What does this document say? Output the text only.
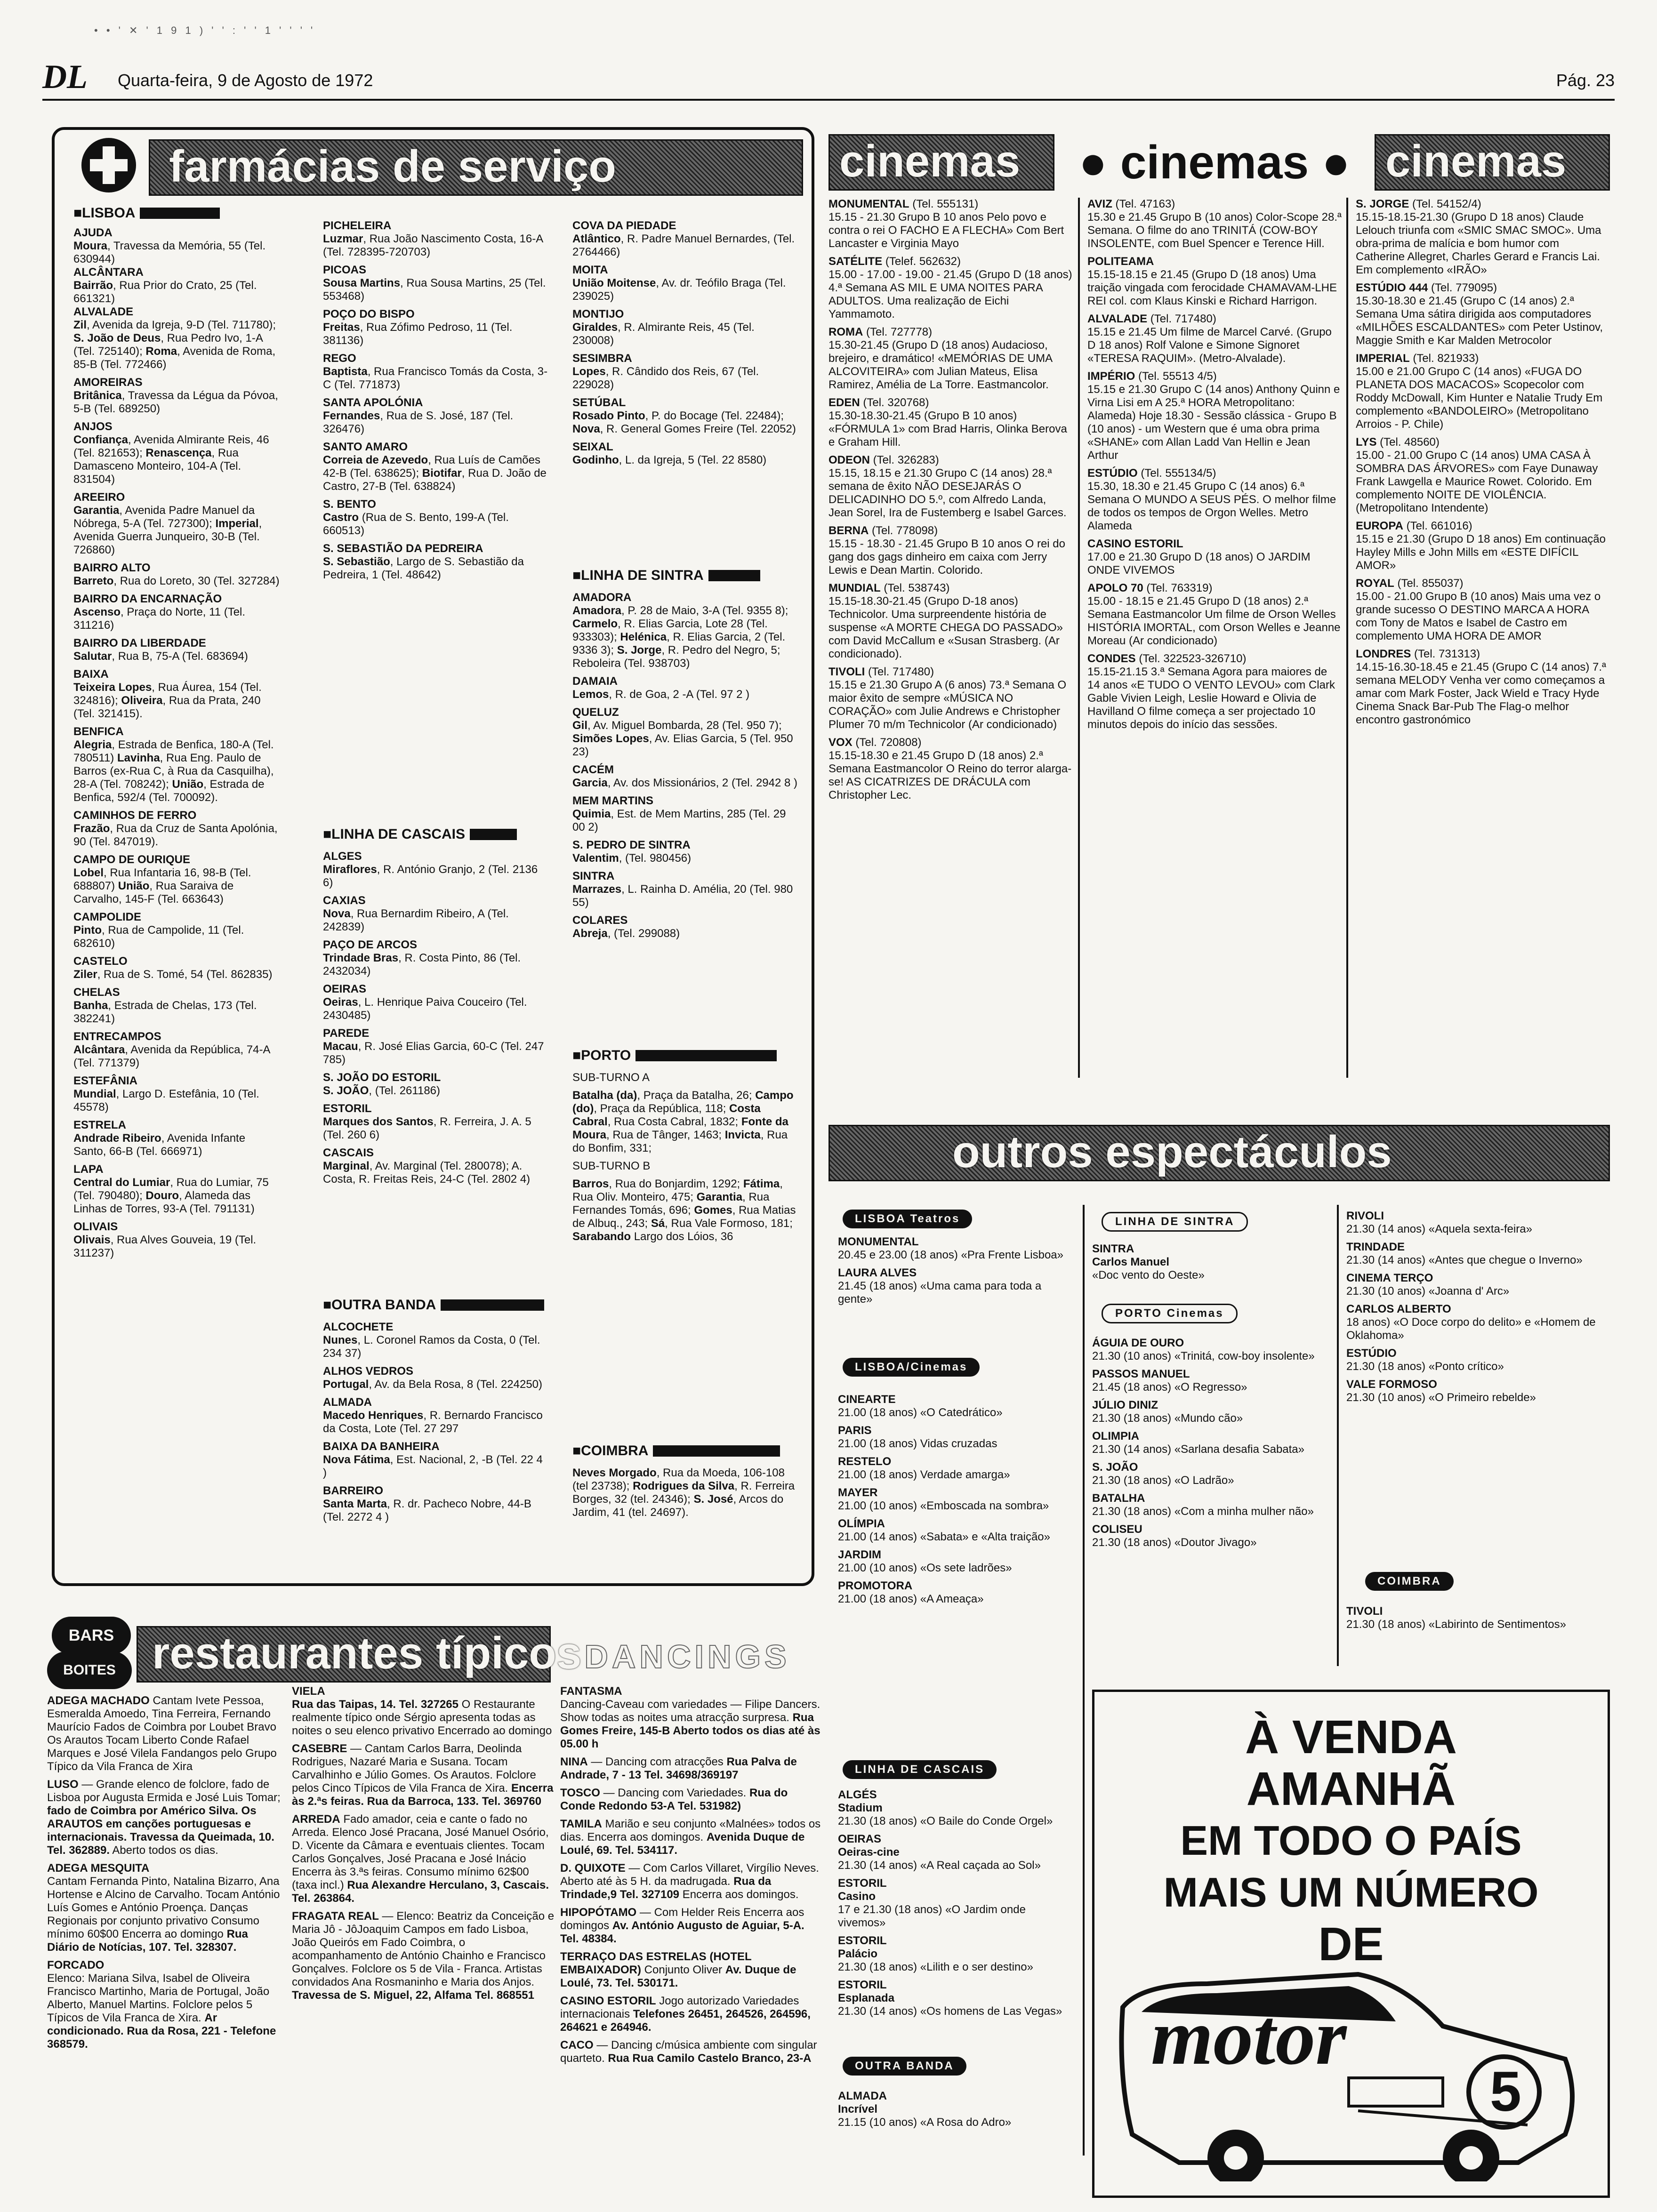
• • ' ✕ ' 1 9 1 ) ' ' : ' ' 1 ' ' ' '
DL Quarta-feira, 9 de Agosto de 1972	Pág. 23
farmácias de serviço
■ LISBOA

AJUDA
Moura, Travessa da Memória, 55 (Tel. 630944)
ALCÂNTARA
Bairrão, Rua Prior do Crato, 25 (Tel. 661321)
ALVALADE
Zil, Avenida da Igreja, 9-D (Tel. 711780); S. João de Deus, Rua Pedro Ivo, 1-A (Tel. 725140); Roma, Avenida de Roma, 85-B (Tel. 772466)

AMOREIRAS
Britânica, Travessa da Légua da Póvoa, 5-B (Tel. 689250)

ANJOS
Confiança, Avenida Almirante Reis, 46 (Tel. 821653); Renascença, Rua Damasceno Monteiro, 104-A (Tel. 831504)

AREEIRO
Garantia, Avenida Padre Manuel da Nóbrega, 5-A (Tel. 727300); Imperial, Avenida Guerra Junqueiro, 30-B (Tel. 726860)

BAIRRO ALTO
Barreto, Rua do Loreto, 30 (Tel. 327284)

BAIRRO DA ENCARNAÇÃO
Ascenso, Praça do Norte, 11 (Tel. 311216)

BAIRRO DA LIBERDADE
Salutar, Rua B, 75-A (Tel. 683694)

BAIXA
Teixeira Lopes, Rua Áurea, 154 (Tel. 324816); Oliveira, Rua da Prata, 240 (Tel. 321415).

BENFICA
Alegria, Estrada de Benfica, 180-A (Tel. 780511) Lavinha, Rua Eng. Paulo de Barros (ex-Rua C, à Rua da Casquilha), 28-A (Tel. 708242); União, Estrada de Benfica, 592/4 (Tel. 700092).

CAMINHOS DE FERRO
Frazão, Rua da Cruz de Santa Apolónia, 90 (Tel. 847019).

CAMPO DE OURIQUE
Lobel, Rua Infantaria 16, 98-B (Tel. 688807) União, Rua Saraiva de Carvalho, 145-F (Tel. 663643)

CAMPOLIDE
Pinto, Rua de Campolide, 11 (Tel. 682610)

CASTELO
Ziler, Rua de S. Tomé, 54 (Tel. 862835)

CHELAS
Banha, Estrada de Chelas, 173 (Tel. 382241)

ENTRECAMPOS
Alcântara, Avenida da República, 74-A (Tel. 771379)

ESTEFÂNIA
Mundial, Largo D. Estefânia, 10 (Tel. 45578)

ESTRELA
Andrade Ribeiro, Avenida Infante Santo, 66-B (Tel. 666971)

LAPA
Central do Lumiar, Rua do Lumiar, 75 (Tel. 790480); Douro, Alameda das Linhas de Torres, 93-A (Tel. 791131)

OLIVAIS
Olivais, Rua Alves Gouveia, 19 (Tel. 311237)

PICHELEIRA
Luzmar, Rua João Nascimento Costa, 16-A (Tel. 728395-720703)

PICOAS
Sousa Martins, Rua Sousa Martins, 25 (Tel. 553468)

POÇO DO BISPO
Freitas, Rua Zófimo Pedroso, 11 (Tel. 381136)

REGO
Baptista, Rua Francisco Tomás da Costa, 3-C (Tel. 771873)

SANTA APOLÓNIA
Fernandes, Rua de S. José, 187 (Tel. 326476)

SANTO AMARO
Correia de Azevedo, Rua Luís de Camões 42-B (Tel. 638625); Biotifar, Rua D. João de Castro, 27-B (Tel. 638824)

S. BENTO
Castro (Rua de S. Bento, 199-A (Tel. 660513)

S. SEBASTIÃO DA PEDREIRA
S. Sebastião, Largo de S. Sebastião da Pedreira, 1 (Tel. 48642)

■ LINHA DE CASCAIS

ALGES
Miraflores, R. António Granjo, 2 (Tel. 2136 6)

CAXIAS
Nova, Rua Bernardim Ribeiro, A (Tel. 242839)

PAÇO DE ARCOS
Trindade Bras, R. Costa Pinto, 86 (Tel. 2432034)

OEIRAS
Oeiras, L. Henrique Paiva Couceiro (Tel. 2430485)

PAREDE
Macau, R. José Elias Garcia, 60-C (Tel. 247 785)

S. JOÃO DO ESTORIL
S. JOÃO, (Tel. 261186)

ESTORIL
Marques dos Santos, R. Ferreira, J. A. 5 (Tel. 260 6)

CASCAIS
Marginal, Av. Marginal (Tel. 280078); A. Costa, R. Freitas Reis, 24-C (Tel. 2802 4)

■ OUTRA BANDA

ALCOCHETE
Nunes, L. Coronel Ramos da Costa, 0 (Tel. 234 37)

ALHOS VEDROS
Portugal, Av. da Bela Rosa, 8 (Tel. 224250)

ALMADA
Macedo Henriques, R. Bernardo Francisco da Costa, Lote (Tel. 27 297

BAIXA DA BANHEIRA
Nova Fátima, Est. Nacional, 2, -B (Tel. 22 4 )

BARREIRO
Santa Marta, R. dr. Pacheco Nobre, 44-B (Tel. 2272 4 )

COVA DA PIEDADE
Atlântico, R. Padre Manuel Bernardes, (Tel. 2764466)

MOITA
União Moitense, Av. dr. Teófilo Braga (Tel. 239025)

MONTIJO
Giraldes, R. Almirante Reis, 45 (Tel. 230008)

SESIMBRA
Lopes, R. Cândido dos Reis, 67 (Tel. 229028)

SETÚBAL
Rosado Pinto, P. do Bocage (Tel. 22484); Nova, R. General Gomes Freire (Tel. 22052)

SEIXAL
Godinho, L. da Igreja, 5 (Tel. 22 8580)

■ LINHA DE SINTRA

AMADORA
Amadora, P. 28 de Maio, 3-A (Tel. 9355 8); Carmelo, R. Elias Garcia, Lote 28 (Tel. 933303); Helénica, R. Elias Garcia, 2 (Tel. 9336 3); S. Jorge, R. Pedro del Negro, 5; Reboleira (Tel. 938703)

DAMAIA
Lemos, R. de Goa, 2 -A (Tel. 97 2 )

QUELUZ
Gil, Av. Miguel Bombarda, 28 (Tel. 950 7); Simões Lopes, Av. Elias Garcia, 5 (Tel. 950 23)

CACÉM
Garcia, Av. dos Missionários, 2 (Tel. 2942 8 )

MEM MARTINS
Quimia, Est. de Mem Martins, 285 (Tel. 29 00 2)

S. PEDRO DE SINTRA
Valentim, (Tel. 980456)

SINTRA
Marrazes, L. Rainha D. Amélia, 20 (Tel. 980 55)

COLARES
Abreja, (Tel. 299088)

■ PORTO

SUB-TURNO A

Batalha (da), Praça da Batalha, 26; Campo (do), Praça da República, 118; Costa Cabral, Rua Costa Cabral, 1832; Fonte da Moura, Rua de Tânger, 1463; Invicta, Rua do Bonfim, 331;

SUB-TURNO B

Barros, Rua do Bonjardim, 1292; Fátima, Rua Oliv. Monteiro, 475; Garantia, Rua Fernandes Tomás, 696; Gomes, Rua Matias de Albuq., 243; Sá, Rua Vale Formoso, 181; Sarabando Largo dos Lóios, 36

■ COIMBRA

Neves Morgado, Rua da Moeda, 106-108 (tel 23738); Rodrigues da Silva, R. Ferreira Borges, 32 (tel. 24346); S. José, Arcos do Jardim, 41 (tel. 24697).

cinemas	● cinemas ● cinemas

MONUMENTAL (Tel. 555131)
15.15 - 21.30 Grupo B 10 anos Pelo povo e contra o rei O FACHO E A FLECHA» Com Bert Lancaster e Virginia Mayo

SATÉLITE (Telef. 562632)
15.00 - 17.00 - 19.00 - 21.45 (Grupo D (18 anos) 4.ª Semana AS MIL E UMA NOITES PARA ADULTOS. Uma realização de Eichi Yammamoto.

ROMA (Tel. 727778)
15.30-21.45 (Grupo D (18 anos) Audacioso, brejeiro, e dramático! «MEMÓRIAS DE UMA ALCOVITEIRA» com Julian Mateus, Elisa Ramirez, Amélia de La Torre. Eastmancolor.

EDEN (Tel. 320768)
15.30-18.30-21.45 (Grupo B 10 anos) «FÓRMULA 1» com Brad Harris, Olinka Berova e Graham Hill.

ODEON (Tel. 326283)
15.15, 18.15 e 21.30 Grupo C (14 anos) 28.ª semana de êxito NÃO DESEJARÁS O DELICADINHO DO 5.º, com Alfredo Landa, Jean Sorel, Ira de Fustemberg e Isabel Garces.

BERNA (Tel. 778098)
15.15 - 18.30 - 21.45 Grupo B 10 anos O rei do gang dos gags dinheiro em caixa com Jerry Lewis e Dean Martin. Colorido.

MUNDIAL (Tel. 538743)
15.15-18.30-21.45 (Grupo D-18 anos) Technicolor. Uma surpreendente história de suspense «A MORTE CHEGA DO PASSADO» com David McCallum e «Susan Strasberg. (Ar condicionado).

TIVOLI (Tel. 717480)
15.15 e 21.30 Grupo A (6 anos) 73.ª Semana O maior êxito de sempre «MÚSICA NO CORAÇÃO» com Julie Andrews e Christopher Plumer 70 m/m Technicolor (Ar condicionado)

VOX (Tel. 720808)
15.15-18.30 e 21.45 Grupo D (18 anos) 2.ª Semana Eastmancolor O Reino do terror alarga-se! AS CICATRIZES DE DRÁCULA com Christopher Lec.

AVIZ (Tel. 47163)
15.30 e 21.45 Grupo B (10 anos) Color-Scope 28.ª Semana. O filme do ano TRINITÁ (COW-BOY INSOLENTE, com Buel Spencer e Terence Hill.

POLITEAMA
15.15-18.15 e 21.45 (Grupo D (18 anos) Uma traição vingada com ferocidade CHAMAVAM-LHE REI col. com Klaus Kinski e Richard Harrigon.

ALVALADE (Tel. 717480)
15.15 e 21.45 Um filme de Marcel Carvé. (Grupo D 18 anos) Rolf Valone e Simone Signoret «TERESA RAQUIM». (Metro-Alvalade).

IMPÉRIO (Tel. 55513 4/5)
15.15 e 21.30 Grupo C (14 anos) Anthony Quinn e Virna Lisi em A 25.ª HORA Metropolitano: Alameda) Hoje 18.30 - Sessão clássica - Grupo B (10 anos) - um Western que é uma obra prima «SHANE» com Allan Ladd Van Hellin e Jean Arthur

ESTÚDIO (Tel. 555134/5)
15.30, 18.30 e 21.45 Grupo C (14 anos) 6.ª Semana O MUNDO A SEUS PÉS. O melhor filme de todos os tempos de Orgon Welles. Metro Alameda

CASINO ESTORIL
17.00 e 21.30 Grupo D (18 anos) O JARDIM ONDE VIVEMOS

APOLO 70 (Tel. 763319)
15.00 - 18.15 e 21.45 Grupo D (18 anos) 2.ª Semana Eastmancolor Um filme de Orson Welles HISTÓRIA IMORTAL, com Orson Welles e Jeanne Moreau (Ar condicionado)

CONDES (Tel. 322523-326710)
15.15-21.15 3.ª Semana Agora para maiores de 14 anos «E TUDO O VENTO LEVOU» com Clark Gable Vivien Leigh, Leslie Howard e Olivia de Havilland O filme começa a ser projectado 10 minutos depois do início das sessões.

S. JORGE (Tel. 54152/4)
15.15-18.15-21.30 (Grupo D 18 anos) Claude Lelouch triunfa com «SMIC SMAC SMOC». Uma obra-prima de malícia e bom humor com Catherine Allegret, Charles Gerard e Francis Lai. Em complemento «IRÃO»

ESTÚDIO 444 (Tel. 779095)
15.30-18.30 e 21.45 (Grupo C (14 anos) 2.ª Semana Uma sátira dirigida aos computadores «MILHÕES ESCALDANTES» com Peter Ustinov, Maggie Smith e Kar Malden Metrocolor

IMPERIAL (Tel. 821933)
15.00 e 21.00 Grupo C (14 anos) «FUGA DO PLANETA DOS MACACOS» Scopecolor com Roddy McDowall, Kim Hunter e Natalie Trudy Em complemento «BANDOLEIRO» (Metropolitano Arroios - P. Chile)

LYS (Tel. 48560)
15.00 - 21.00 Grupo C (14 anos) UMA CASA À SOMBRA DAS ÁRVORES» com Faye Dunaway Frank Lawgella e Maurice Rowet. Colorido. Em complemento NOITE DE VIOLÊNCIA. (Metropolitano Intendente)

EUROPA (Tel. 661016)
15.15 e 21.30 (Grupo D 18 anos) Em continuação Hayley Mills e John Mills em «ESTE DIFÍCIL AMOR»

ROYAL (Tel. 855037)
15.00 - 21.00 Grupo B (10 anos) Mais uma vez o grande sucesso O DESTINO MARCA A HORA com Tony de Matos e Isabel de Castro em complemento UMA HORA DE AMOR

LONDRES (Tel. 731313)
14.15-16.30-18.45 e 21.45 (Grupo C (14 anos) 7.ª semana MELODY Venha ver como começamos a amar com Mark Foster, Jack Wield e Tracy Hyde Cinema Snack Bar-Pub The Flag-o melhor encontro gastronómico

outros espectáculos
LISBOA Teatros

MONUMENTAL
20.45 e 23.00 (18 anos) «Pra Frente Lisboa»

LAURA ALVES
21.45 (18 anos) «Uma cama para toda a gente»

LISBOA/Cinemas

CINEARTE
21.00 (18 anos) «O Catedrático»

PARIS
21.00 (18 anos) Vidas cruzadas

RESTELO
21.00 (18 anos) Verdade amarga»

MAYER
21.00 (10 anos) «Emboscada na sombra»

OLÍMPIA
21.00 (14 anos) «Sabata» e «Alta traição»

JARDIM
21.00 (10 anos) «Os sete ladrões»

PROMOTORA
21.00 (18 anos) «A Ameaça»

LINHA DE CASCAIS

ALGÉS
Stadium
21.30 (18 anos) «O Baile do Conde Orgel»

OEIRAS
Oeiras-cine
21.30 (14 anos) «A Real caçada ao Sol»

ESTORIL
Casino
17 e 21.30 (18 anos) «O Jardim onde vivemos»

ESTORIL
Palácio
21.30 (18 anos) «Lilith e o ser destino»

ESTORIL
Esplanada
21.30 (14 anos) «Os homens de Las Vegas»

OUTRA BANDA

ALMADA
Incrível
21.15 (10 anos) «A Rosa do Adro»

LINHA DE SINTRA

SINTRA
Carlos Manuel
«Doc vento do Oeste»

PORTO Cinemas

ÁGUIA DE OURO
21.30 (10 anos) «Trinitá, cow-boy insolente»

PASSOS MANUEL
21.45 (18 anos) «O Regresso»

JÚLIO DINIZ
21.30 (18 anos) «Mundo cão»

OLIMPIA
21.30 (14 anos) «Sarlana desafia Sabata»

S. JOÃO
21.30 (18 anos) «O Ladrão»

BATALHA
21.30 (18 anos) «Com a minha mulher não»

COLISEU
21.30 (18 anos) «Doutor Jivago»

RIVOLI
21.30 (14 anos) «Aquela sexta-feira»

TRINDADE
21.30 (14 anos) «Antes que chegue o Inverno»

CINEMA TERÇO
21.30 (10 anos) «Joanna d' Arc»

CARLOS ALBERTO
18 anos) «O Doce corpo do delito» e «Homem de Oklahoma»

ESTÚDIO
21.30 (18 anos) «Ponto crítico»

VALE FORMOSO
21.30 (10 anos) «O Primeiro rebelde»

COIMBRA

TIVOLI
21.30 (18 anos) «Labirinto de Sentimentos»

À VENDA
AMANHÃ
EM TODO O PAÍS
MAIS UM NÚMERO
DE
motor
5
BARS
BOITES restaurantes típicos DANCINGS

ADEGA MACHADO Cantam Ivete Pessoa, Esmeralda Amoedo, Tina Ferreira, Fernando Maurício Fados de Coimbra por Loubet Bravo Os Arautos Tocam Liberto Conde Rafael Marques e José Vilela Fandangos pelo Grupo Típico da Vila Franca de Xira

LUSO — Grande elenco de folclore, fado de Lisboa por Augusta Ermida e José Luis Tomar; fado de Coimbra por Américo Silva. Os ARAUTOS em canções portuguesas e internacionais. Travessa da Queimada, 10. Tel. 362889. Aberto todos os dias.

ADEGA MESQUITA
Cantam Fernanda Pinto, Natalina Bizarro, Ana Hortense e Alcino de Carvalho. Tocam António Luís Gomes e António Proença. Danças Regionais por conjunto privativo Consumo mínimo 60$00 Encerra ao domingo Rua Diário de Notícias, 107. Tel. 328307.

FORCADO
Elenco: Mariana Silva, Isabel de Oliveira Francisco Martinho, Maria de Portugal, João Alberto, Manuel Martins. Folclore pelos 5 Típicos de Vila Franca de Xira. Ar condicionado. Rua da Rosa, 221 - Telefone 368579.

VIELA
Rua das Taipas, 14. Tel. 327265 O Restaurante realmente típico onde Sérgio apresenta todas as noites o seu elenco privativo Encerrado ao domingo

CASEBRE — Cantam Carlos Barra, Deolinda Rodrigues, Nazaré Maria e Susana. Tocam Carvalhinho e Júlio Gomes. Os Arautos. Folclore pelos Cinco Típicos de Vila Franca de Xira. Encerra às 2.ªs feiras. Rua da Barroca, 133. Tel. 369760

ARREDA Fado amador, ceia e cante o fado no Arreda. Elenco José Pracana, José Manuel Osório, D. Vicente da Câmara e eventuais clientes. Tocam Carlos Gonçalves, José Pracana e José Inácio Encerra às 3.ªs feiras. Consumo mínimo 62$00 (taxa incl.) Rua Alexandre Herculano, 3, Cascais. Tel. 263864.

FRAGATA REAL — Elenco: Beatriz da Conceição e Maria Jô - JôJoaquim Campos em fado Lisboa, João Queirós em Fado Coimbra, o acompanhamento de António Chainho e Francisco Gonçalves. Folclore os 5 de Vila - Franca. Artistas convidados Ana Rosmaninho e Maria dos Anjos. Travessa de S. Miguel, 22, Alfama Tel. 868551

FANTASMA
Dancing-Caveau com variedades — Filipe Dancers. Show todas as noites uma atracção surpresa. Rua Gomes Freire, 145-B Aberto todos os dias até às 05.00 h

NINA — Dancing com atracções Rua Palva de Andrade, 7 - 13 Tel. 34698/369197

TOSCO — Dancing com Variedades. Rua do Conde Redondo 53-A Tel. 531982)

TAMILA Marião e seu conjunto «Malnées» todos os dias. Encerra aos domingos. Avenida Duque de Loulé, 69. Tel. 534117.

D. QUIXOTE — Com Carlos Villaret, Virgílio Neves. Aberto até às 5 H. da madrugada. Rua da Trindade,9 Tel. 327109 Encerra aos domingos.

HIPOPÓTAMO — Com Helder Reis Encerra aos domingos Av. António Augusto de Aguiar, 5-A. Tel. 48384.

TERRAÇO DAS ESTRELAS (HOTEL EMBAIXADOR) Conjunto Oliver Av. Duque de Loulé, 73. Tel. 530171.

CASINO ESTORIL Jogo autorizado Variedades internacionais Telefones 26451, 264526, 264596, 264621 e 264946.

CACO — Dancing c/música ambiente com singular quarteto. Rua Rua Camilo Castelo Branco, 23-A
